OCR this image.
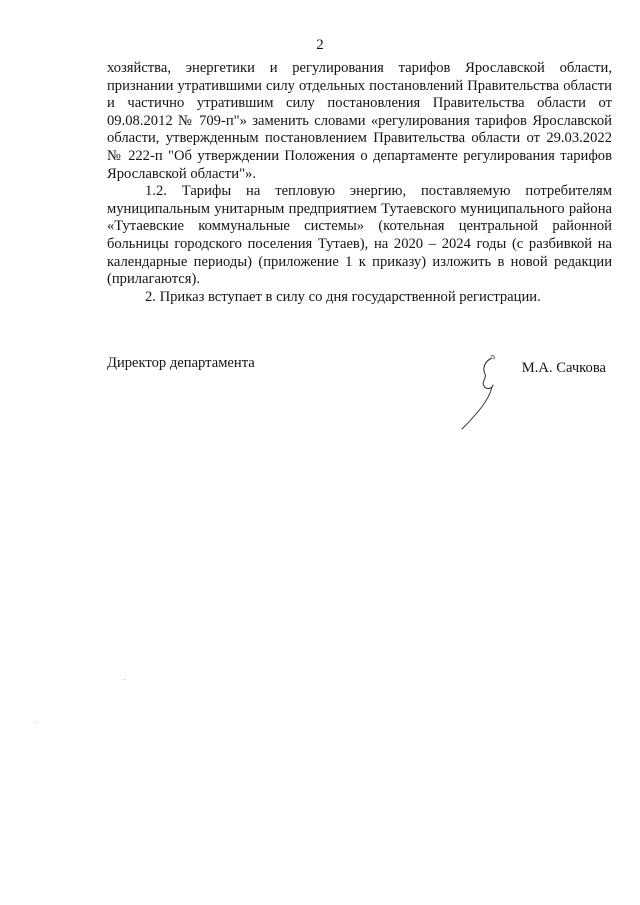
2

хозяйства, энергетики и регулирования тарифов Ярославской области, признании утратившими силу отдельных постановлений Правительства области и частично утратившим силу постановления Правительства области от 09.08.2012 № 709-п"» заменить словами «регулирования тарифов Ярославской области, утвержденным постановлением Правительства области от 29.03.2022 № 222-п "Об утверждении Положения о департаменте регулирования тарифов Ярославской области"».

1.2. Тарифы на тепловую энергию, поставляемую потребителям муниципальным унитарным предприятием Тутаевского муниципального района «Тутаевские коммунальные системы» (котельная центральной районной больницы городского поселения Тутаев), на 2020 – 2024 годы (с разбивкой на календарные периоды) (приложение 1 к приказу) изложить в новой редакции (прилагаются).

2. Приказ вступает в силу со дня государственной регистрации.

Директор департамента	М.А. Сачкова
